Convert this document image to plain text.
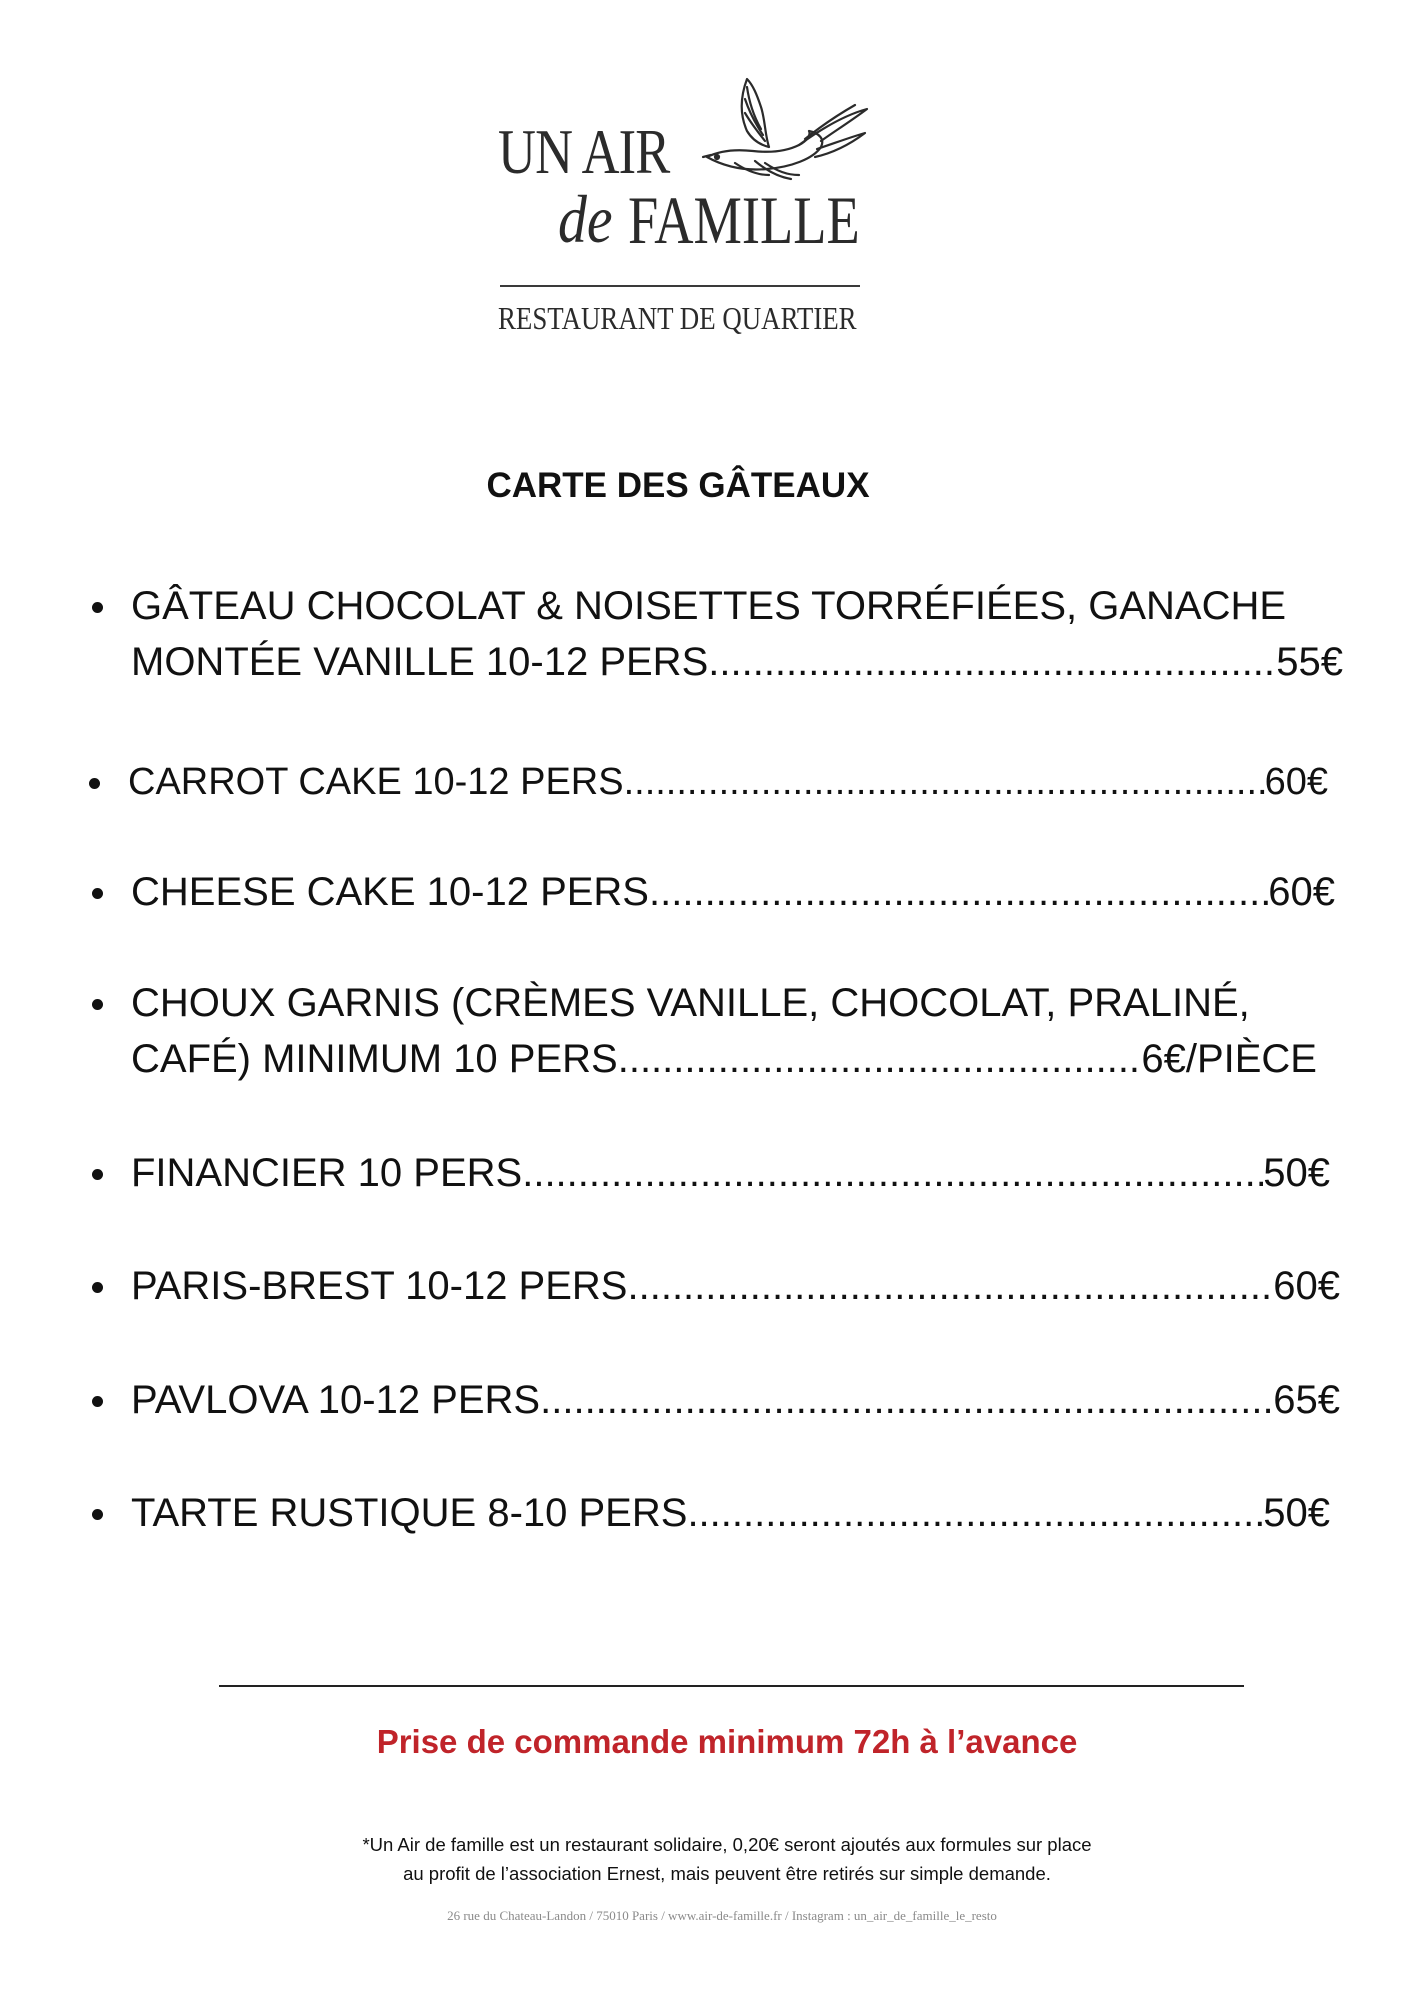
UN AIR
de FAMILLE
RESTAURANT DE QUARTIER
CARTE DES GÂTEAUX
GÂTEAU CHOCOLAT & NOISETTES TORRÉFIÉES, GANACHE
MONTÉE VANILLE 10-12 PERS .....	55€
CARROT CAKE 10-12 PERS .....	60€
CHEESE CAKE 10-12 PERS .....	60€
CHOUX GARNIS (CRÈMES VANILLE, CHOCOLAT, PRALINÉ,
CAFÉ) MINIMUM 10 PERS .....	6€/PIÈCE
FINANCIER 10 PERS .....	50€
PARIS-BREST 10-12 PERS .....	60€
PAVLOVA 10-12 PERS .....	65€
TARTE RUSTIQUE 8-10 PERS .....	50€
Prise de commande minimum 72h à l’avance
*Un Air de famille est un restaurant solidaire, 0,20€ seront ajoutés aux formules sur place
au profit de l’association Ernest, mais peuvent être retirés sur simple demande.
26 rue du Chateau-Landon / 75010 Paris / www.air-de-famille.fr / Instagram : un_air_de_famille_le_resto
